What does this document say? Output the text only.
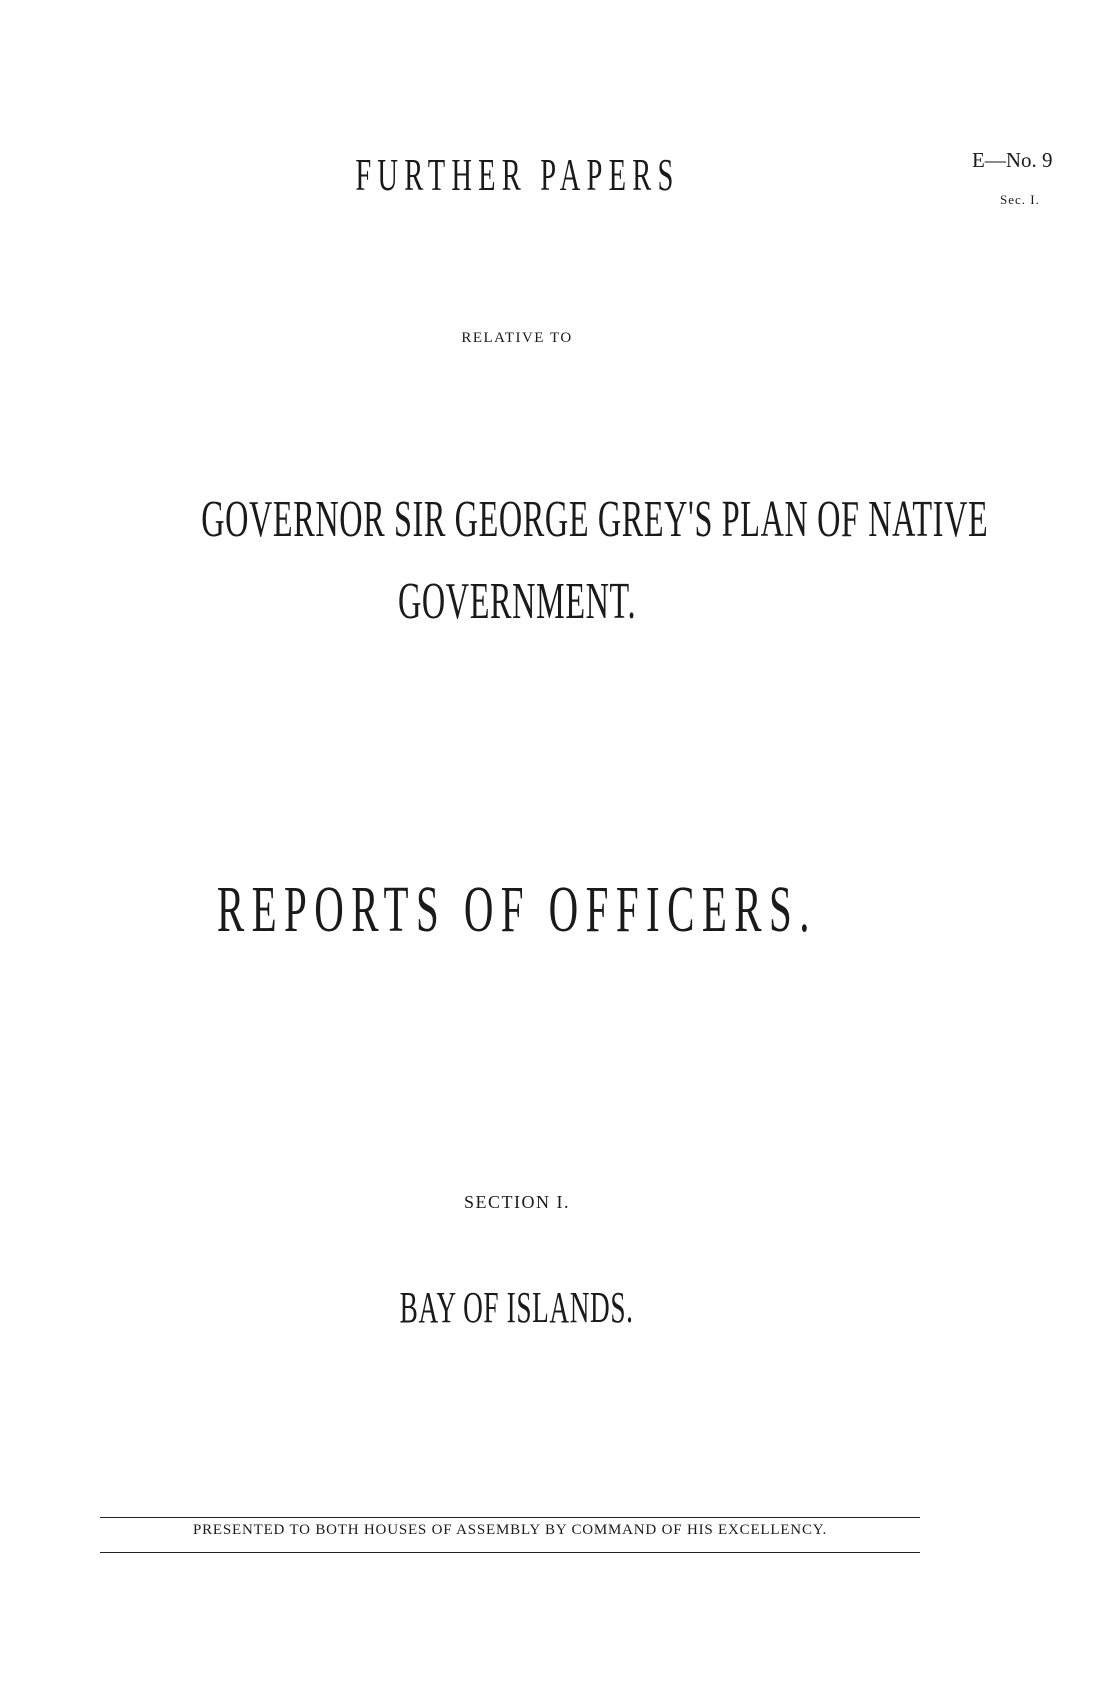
FURTHER PAPERS	E—No. 9
Sec. I.
RELATIVE TO
GOVERNOR SIR GEORGE GREY'S PLAN OF NATIVE
GOVERNMENT.
REPORTS OF OFFICERS.
SECTION I.
BAY OF ISLANDS.
PRESENTED TO BOTH HOUSES OF ASSEMBLY BY COMMAND OF HIS EXCELLENCY.
